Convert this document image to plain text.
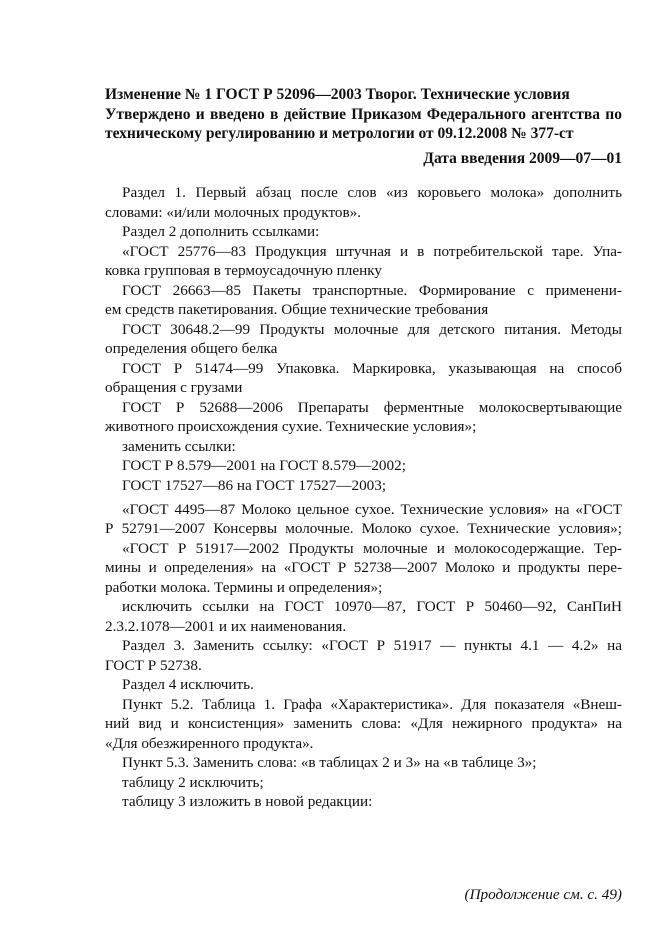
Изменение № 1 ГОСТ Р 52096—2003 Творог. Технические условия
Утверждено и введено в действие Приказом Федерального агентства по
техническому регулированию и метрологии от 09.12.2008 № 377-ст
Дата введения 2009—07—01
Раздел 1. Первый абзац после слов «из коровьего молока» дополнить
словами: «и/или молочных продуктов».
Раздел 2 дополнить ссылками:
«ГОСТ 25776—83 Продукция штучная и в потребительской таре. Упа-
ковка групповая в термоусадочную пленку
ГОСТ 26663—85 Пакеты транспортные. Формирование с применени-
ем средств пакетирования. Общие технические требования
ГОСТ 30648.2—99 Продукты молочные для детского питания. Методы
определения общего белка
ГОСТ Р 51474—99 Упаковка. Маркировка, указывающая на способ
обращения с грузами
ГОСТ Р 52688—2006 Препараты ферментные молокосвертывающие
животного происхождения сухие. Технические условия»;
заменить ссылки:
ГОСТ Р 8.579—2001 на ГОСТ 8.579—2002;
ГОСТ 17527—86 на ГОСТ 17527—2003;
«ГОСТ 4495—87 Молоко цельное сухое. Технические условия» на «ГОСТ
Р 52791—2007 Консервы молочные. Молоко сухое. Технические условия»;
«ГОСТ Р 51917—2002 Продукты молочные и молокосодержащие. Тер-
мины и определения» на «ГОСТ Р 52738—2007 Молоко и продукты пере-
работки молока. Термины и определения»;
исключить ссылки на ГОСТ 10970—87, ГОСТ Р 50460—92, СанПиН
2.3.2.1078—2001 и их наименования.
Раздел 3. Заменить ссылку: «ГОСТ Р 51917 — пункты 4.1 — 4.2» на
ГОСТ Р 52738.
Раздел 4 исключить.
Пункт 5.2. Таблица 1. Графа «Характеристика». Для показателя «Внеш-
ний вид и консистенция» заменить слова: «Для нежирного продукта» на
«Для обезжиренного продукта».
Пункт 5.3. Заменить слова: «в таблицах 2 и 3» на «в таблице 3»;
таблицу 2 исключить;
таблицу 3 изложить в новой редакции:
(Продолжение см. с. 49)
